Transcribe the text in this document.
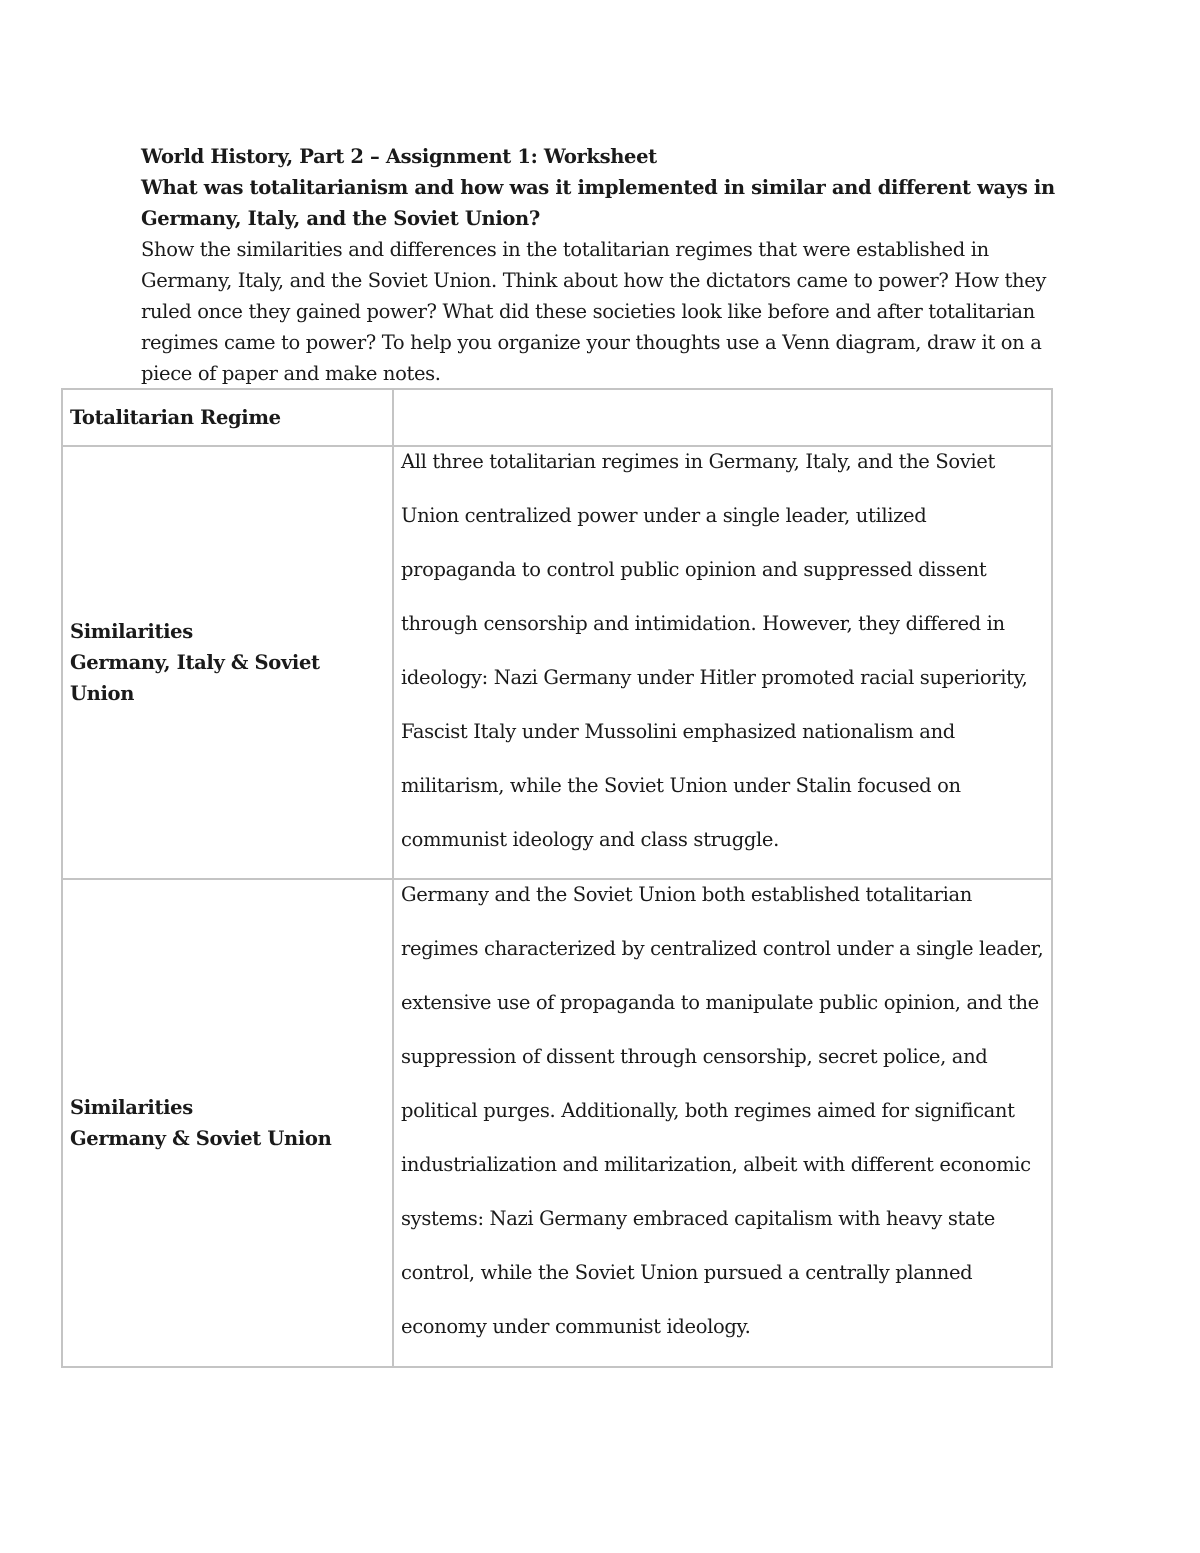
World History, Part 2 – Assignment 1: Worksheet

What was totalitarianism and how was it implemented in similar and different ways in Germany, Italy, and the Soviet Union?

Show the similarities and differences in the totalitarian regimes that were established in Germany, Italy, and the Soviet Union. Think about how the dictators came to power? How they ruled once they gained power? What did these societies look like before and after totalitarian regimes came to power? To help you organize your thoughts use a Venn diagram, draw it on a piece of paper and make notes.

Totalitarian Regime	

Similarities
Germany, Italy & Soviet Union	All three totalitarian regimes in Germany, Italy, and the Soviet Union centralized power under a single leader, utilized propaganda to control public opinion and suppressed dissent through censorship and intimidation. However, they differed in ideology: Nazi Germany under Hitler promoted racial superiority, Fascist Italy under Mussolini emphasized nationalism and militarism, while the Soviet Union under Stalin focused on communist ideology and class struggle.

Similarities
Germany & Soviet Union	Germany and the Soviet Union both established totalitarian regimes characterized by centralized control under a single leader, extensive use of propaganda to manipulate public opinion, and the suppression of dissent through censorship, secret police, and political purges. Additionally, both regimes aimed for significant industrialization and militarization, albeit with different economic systems: Nazi Germany embraced capitalism with heavy state control, while the Soviet Union pursued a centrally planned economy under communist ideology.
